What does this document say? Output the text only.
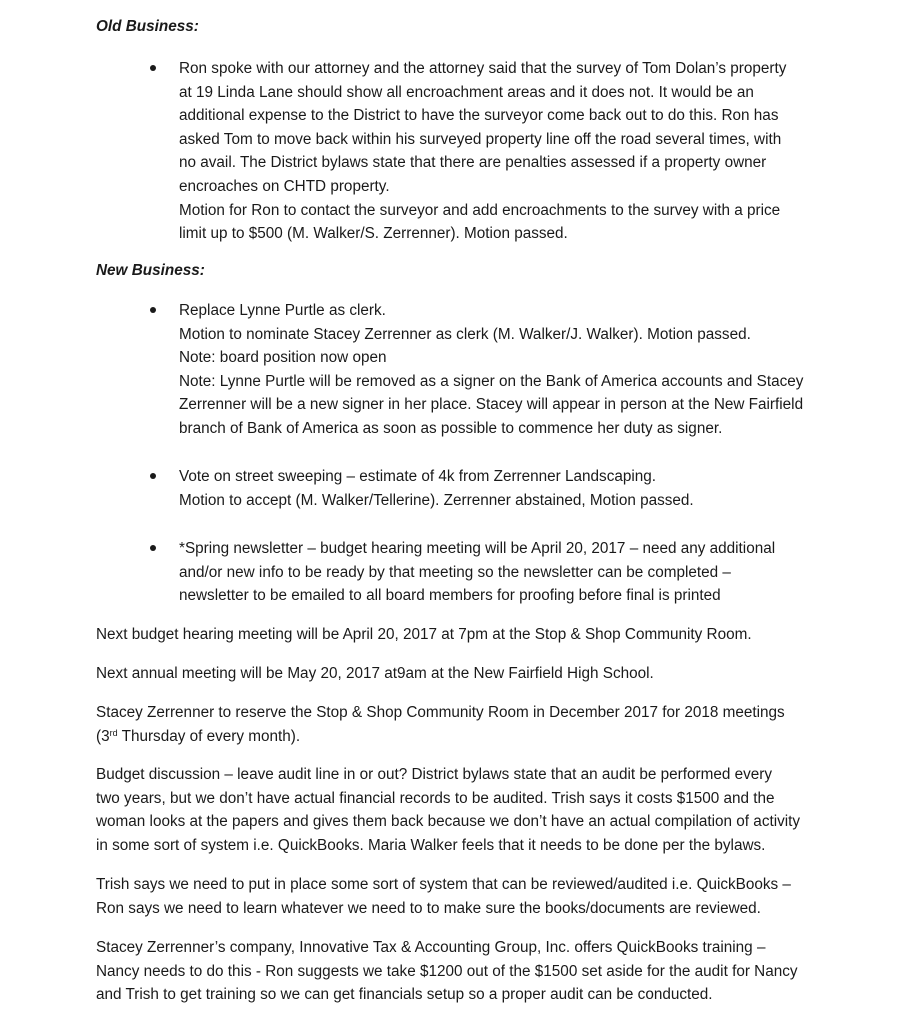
Old Business:
Ron spoke with our attorney and the attorney said that the survey of Tom Dolan’s property
at 19 Linda Lane should show all encroachment areas and it does not. It would be an
additional expense to the District to have the surveyor come back out to do this. Ron has
asked Tom to move back within his surveyed property line off the road several times, with
no avail. The District bylaws state that there are penalties assessed if a property owner
encroaches on CHTD property.
Motion for Ron to contact the surveyor and add encroachments to the survey with a price
limit up to $500 (M. Walker/S. Zerrenner). Motion passed.
New Business:
Replace Lynne Purtle as clerk.
Motion to nominate Stacey Zerrenner as clerk (M. Walker/J. Walker). Motion passed.
Note: board position now open
Note: Lynne Purtle will be removed as a signer on the Bank of America accounts and Stacey
Zerrenner will be a new signer in her place. Stacey will appear in person at the New Fairfield
branch of Bank of America as soon as possible to commence her duty as signer.
Vote on street sweeping – estimate of 4k from Zerrenner Landscaping.
Motion to accept (M. Walker/Tellerine). Zerrenner abstained, Motion passed.
*Spring newsletter – budget hearing meeting will be April 20, 2017 – need any additional
and/or new info to be ready by that meeting so the newsletter can be completed –
newsletter to be emailed to all board members for proofing before final is printed
Next budget hearing meeting will be April 20, 2017 at 7pm at the Stop & Shop Community Room.
Next annual meeting will be May 20, 2017 at9am at the New Fairfield High School.
Stacey Zerrenner to reserve the Stop & Shop Community Room in December 2017 for 2018 meetings
(3rd Thursday of every month).
Budget discussion – leave audit line in or out? District bylaws state that an audit be performed every
two years, but we don’t have actual financial records to be audited. Trish says it costs $1500 and the
woman looks at the papers and gives them back because we don’t have an actual compilation of activity
in some sort of system i.e. QuickBooks. Maria Walker feels that it needs to be done per the bylaws.
Trish says we need to put in place some sort of system that can be reviewed/audited i.e. QuickBooks –
Ron says we need to learn whatever we need to to make sure the books/documents are reviewed.
Stacey Zerrenner’s company, Innovative Tax & Accounting Group, Inc. offers QuickBooks training –
Nancy needs to do this - Ron suggests we take $1200 out of the $1500 set aside for the audit for Nancy
and Trish to get training so we can get financials setup so a proper audit can be conducted.
